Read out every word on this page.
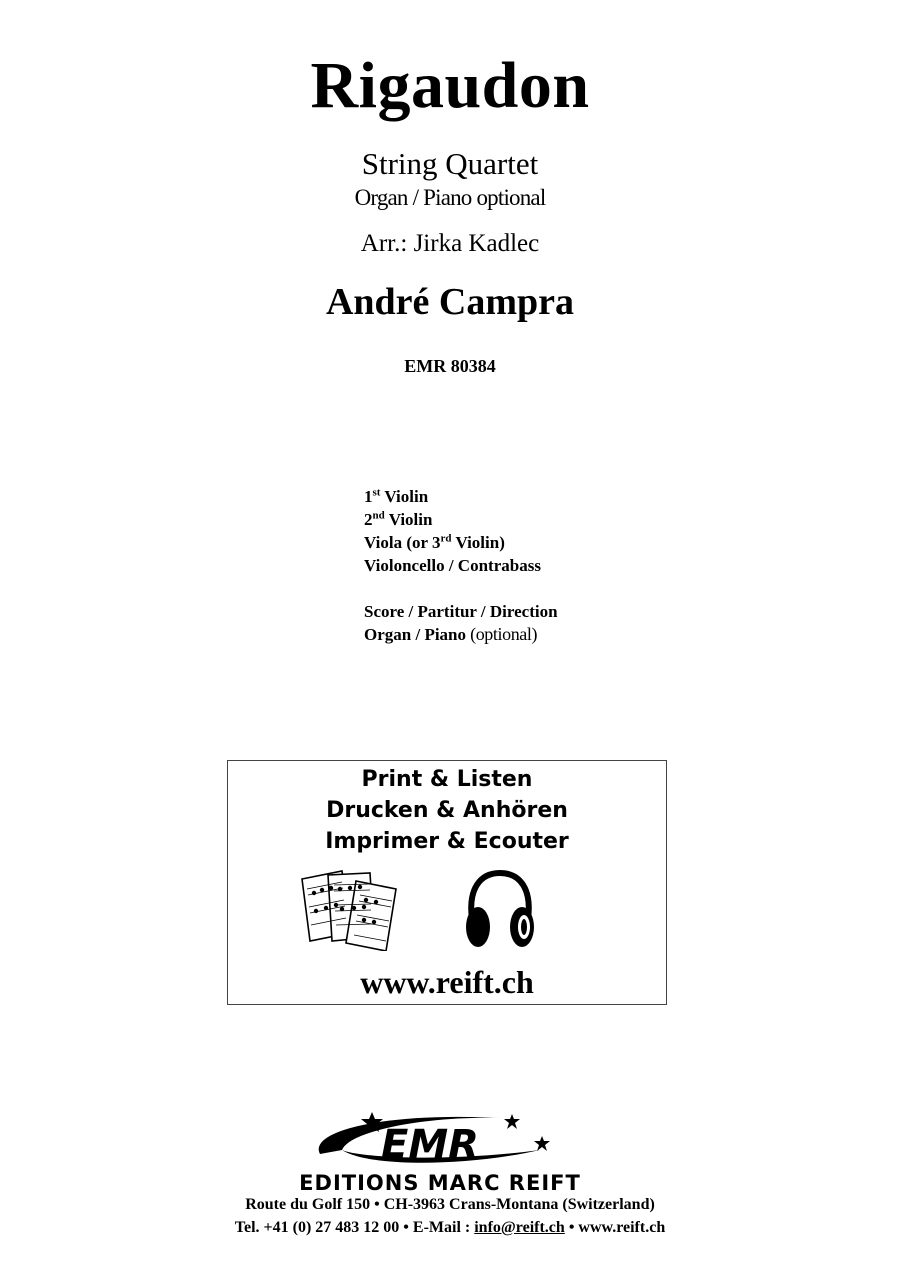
Rigaudon
String Quartet
Organ / Piano optional
Arr.: Jirka Kadlec
André Campra
EMR 80384
1st Violin
2nd Violin
Viola (or 3rd Violin)
Violoncello / Contrabass
Score / Partitur / Direction
Organ / Piano (optional)
Print & Listen
Drucken & Anhören
Imprimer & Ecouter
www.reift.ch
EMR
EDITIONS MARC REIFT
Route du Golf 150 • CH-3963 Crans-Montana (Switzerland)
Tel. +41 (0) 27 483 12 00 • E-Mail : info@reift.ch • www.reift.ch
